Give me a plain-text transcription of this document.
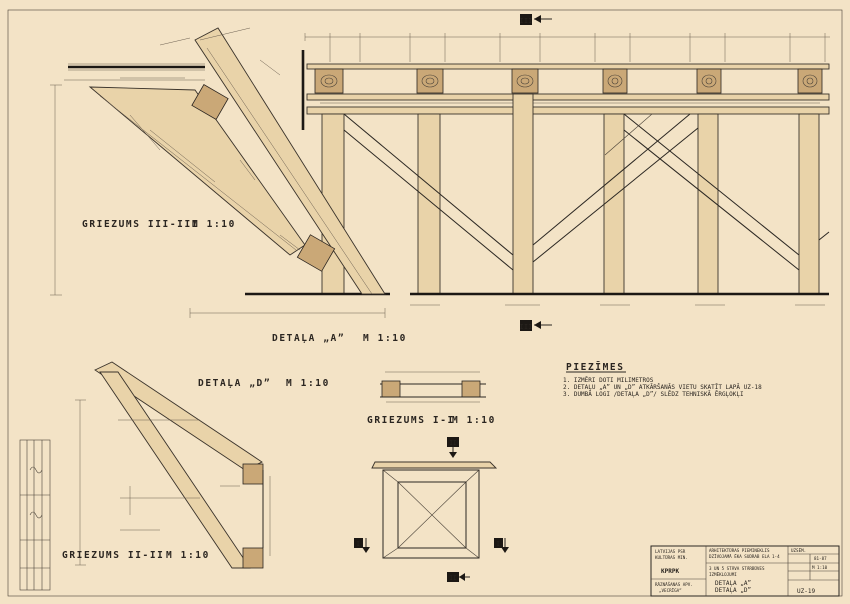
III
III
GRIEZUMS III-III
M 1:10
DETAĻA „A” M 1:10
PIEZĪMES
1. IZMĒRI DOTI MILIMETROS
2. DETAĻU „A” UN „D” ATKĀRŠANĀS VIETU SKATĪT LAPĀ UZ-18
3. DUMBĀ LOGI /DETAĻA „D”/ SLĒDZ TEHNISKĀ ĒRGĻOKĻI
DETAĻA „D” M 1:10
GRIEZUMS I-I
M 1:10
II
I	I
II
GRIEZUMS II-II M 1:10	LATVIJAS PSR
KULTŪRAS MIN.
KPRPK
RĀZNĀŠANAS APV.
„VECRĪGA”
ARHITEKTŪRAS PIEMINEKLIS
DZĪVOJAMĀ ĒKA SUDRAB ELA 1-4
3 UN 5 STĀVA STĀRBŪVES
IZMĒKLOJUMI
DETAĻA „A”
DETAĻA „D”
UZSĒM.
81-87
M 1:10
UZ-19
